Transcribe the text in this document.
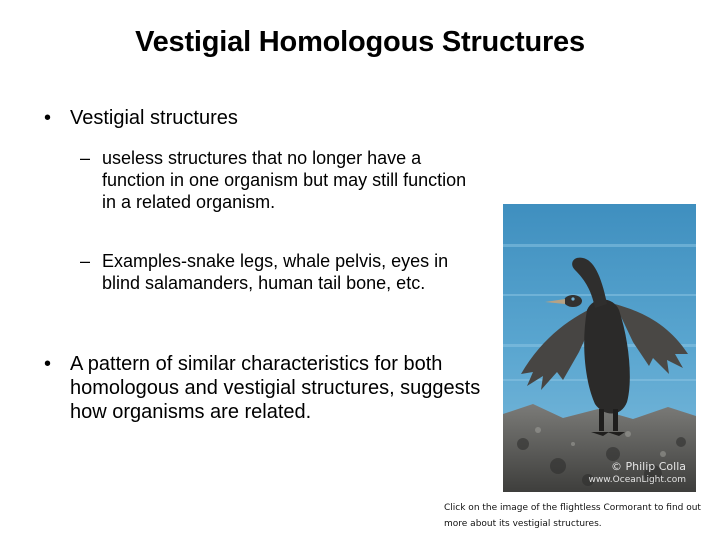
Vestigial Homologous Structures
• Vestigial structures
– useless structures that no longer have a function in one organism but may still function in a related organism.
– Examples-snake legs, whale pelvis, eyes in blind salamanders, human tail bone, etc.
• A pattern of similar characteristics for both homologous and vestigial structures, suggests how organisms are related.
© Philip Colla
www.OceanLight.com
Click on the image of the flightless Cormorant to find out more about its vestigial structures.
